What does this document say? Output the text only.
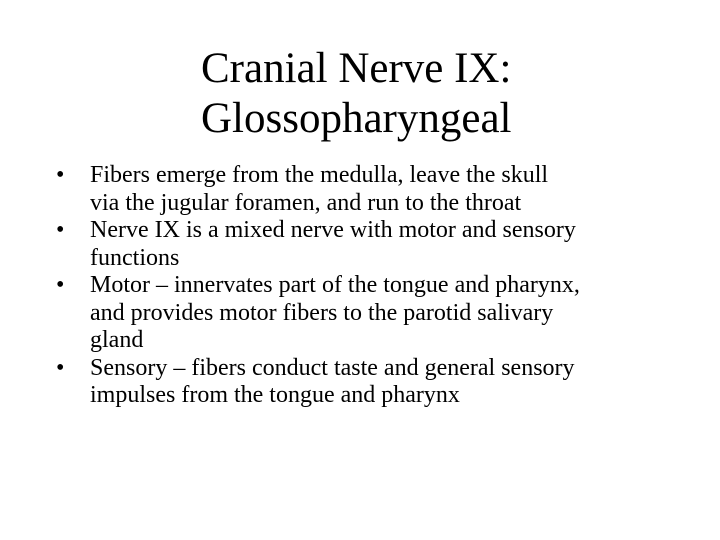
Cranial Nerve IX:
Glossopharyngeal
•	Fibers emerge from the medulla, leave the skull
via the jugular foramen, and run to the throat
•	Nerve IX is a mixed nerve with motor and sensory
functions
•	Motor – innervates part of the tongue and pharynx,
and provides motor fibers to the parotid salivary
gland
•	Sensory – fibers conduct taste and general sensory
impulses from the tongue and pharynx
